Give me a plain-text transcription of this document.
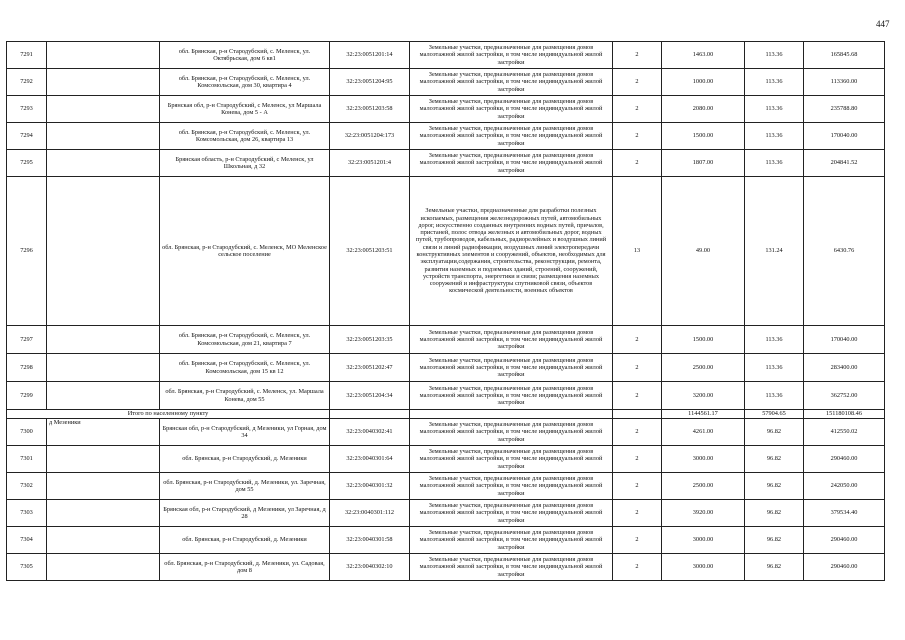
447
7291		обл. Брянская, р-н Стародубский, с. Меленск, ул. Октябрьская, дом 6 кв1	32:23:0051201:14	Земельные участки, предназначенные для размещения домов малоэтажной жилой застройки, в том числе индивидуальной жилой застройки	2	1463.00	113.36	165845.68
7292		обл. Брянская, р-н Стародубский, с. Меленск, ул. Комсомольская, дом 30, квартира 4	32:23:0051204:95	Земельные участки, предназначенные для размещения домов малоэтажной жилой застройки, в том числе индивидуальной жилой застройки	2	1000.00	113.36	113360.00
7293		Брянская обл, р-н Стародубский, с Меленск, ул Маршала Конева, дом 5 - А	32:23:0051203:58	Земельные участки, предназначенные для размещения домов малоэтажной жилой застройки, в том числе индивидуальной жилой застройки	2	2080.00	113.36	235788.80
7294		обл. Брянская, р-н Стародубский, с. Меленск, ул. Комсомольская, дом 26, квартира 13	32:23:0051204:173	Земельные участки, предназначенные для размещения домов малоэтажной жилой застройки, в том числе индивидуальной жилой застройки	2	1500.00	113.36	170040.00
7295		Брянская область, р-н Стародубский, с Меленск, ул Школьная, д 32	32:23:0051201:4	Земельные участки, предназначенные для размещения домов малоэтажной жилой застройки, в том числе индивидуальной жилой застройки	2	1807.00	113.36	204841.52
7296		обл. Брянская, р-н Стародубский, с. Меленск, МО Меленское сельское поселение	32:23:0051203:51	Земельные участки, предназначенные для разработки полезных ископаемых, размещения железнодорожных путей, автомобильных дорог, искусственно созданных внутренних водных путей, причалов, пристаней, полос отвода железных и автомобильных дорог, водных путей, трубопроводов, кабельных, радиорелейных и воздушных линий связи и линий радиофикации, воздушных линий электропередачи конструктивных элементов и сооружений, объектов, необходимых для эксплуатации,содержания, строительства, реконструкции, ремонта, развития наземных и подземных зданий, строений, сооружений, устройств транспорта, энергетики и связи; размещения наземных сооружений и инфраструктуры спутниковой связи, объектов космической деятельности, военных объектов	13	49.00	131.24	6430.76
7297		обл. Брянская, р-н Стародубский, с. Меленск, ул. Комсомольская, дом 21, квартира 7	32:23:0051203:35	Земельные участки, предназначенные для размещения домов малоэтажной жилой застройки, в том числе индивидуальной жилой застройки	2	1500.00	113.36	170040.00
7298		обл. Брянская, р-н Стародубский, с. Меленск, ул. Комсомольская, дом 15 кв 12	32:23:0051202:47	Земельные участки, предназначенные для размещения домов малоэтажной жилой застройки, в том числе индивидуальной жилой застройки	2	2500.00	113.36	283400.00
7299		обл. Брянская, р-н Стародубский, с. Меленск, ул. Маршала Конева, дом 55	32:23:0051204:34	Земельные участки, предназначенные для размещения домов малоэтажной жилой застройки, в том числе индивидуальной жилой застройки	2	3200.00	113.36	362752.00
Итого по населенному пункту						1144561.17	57904.65	151180108.46
7300	д Мезеники	Брянская обл, р-н Стародубский, д Мезеники, ул Горная, дом 34	32:23:0040302:41	Земельные участки, предназначенные для размещения домов малоэтажной жилой застройки, в том числе индивидуальной жилой застройки	2	4261.00	96.82	412550.02
7301		обл. Брянская, р-н Стародубский, д. Мезеники	32:23:0040301:64	Земельные участки, предназначенные для размещения домов малоэтажной жилой застройки, в том числе индивидуальной жилой застройки	2	3000.00	96.82	290460.00
7302		обл. Брянская, р-н Стародубский, д. Мезеники, ул. Заречная, дом 55	32:23:0040301:32	Земельные участки, предназначенные для размещения домов малоэтажной жилой застройки, в том числе индивидуальной жилой застройки	2	2500.00	96.82	242050.00
7303		Брянская обл, р-н Стародубский, д Мезеники, ул Заречная, д 28	32:23:0040301:112	Земельные участки, предназначенные для размещения домов малоэтажной жилой застройки, в том числе индивидуальной жилой застройки	2	3920.00	96.82	379534.40
7304		обл. Брянская, р-н Стародубский, д. Мезеники	32:23:0040301:58	Земельные участки, предназначенные для размещения домов малоэтажной жилой застройки, в том числе индивидуальной жилой застройки	2	3000.00	96.82	290460.00
7305		обл. Брянская, р-н Стародубский, д. Мезеники, ул. Садовая, дом 8	32:23:0040302:10	Земельные участки, предназначенные для размещения домов малоэтажной жилой застройки, в том числе индивидуальной жилой застройки	2	3000.00	96.82	290460.00
